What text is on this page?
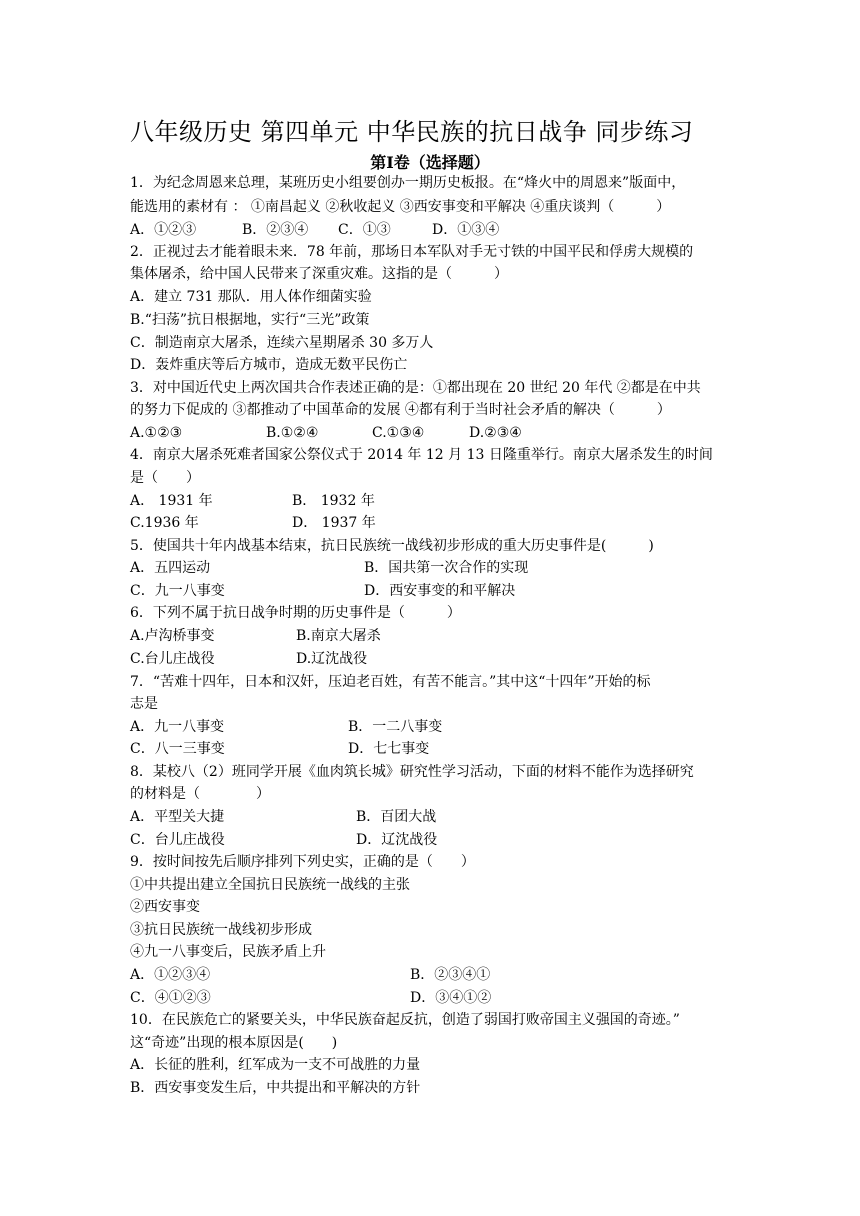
八年级历史 第四单元 中华民族的抗日战争 同步练习
第Ⅰ卷（选择题）
1．为纪念周恩来总理，某班历史小组要创办一期历史板报。在“烽火中的周恩来”版面中，
能选用的素材有 ： ①南昌起义 ②秋收起义 ③西安事变和平解决 ④重庆谈判（　　　）
A．①②③	B．②③④ C．①③	D．①③④
2．正视过去才能着眼未来．78 年前，那场日本军队对手无寸铁的中国平民和俘虏大规模的
集体屠杀，给中国人民带来了深重灾难。这指的是（　　　）
A．建立 731 那队．用人体作细菌实验
B.“扫荡”抗日根据地，实行“三光”政策
C．制造南京大屠杀，连续六星期屠杀 30 多万人
D．轰炸重庆等后方城市，造成无数平民伤亡
3．对中国近代史上两次国共合作表述正确的是：①都出现在 20 世纪 20 年代 ②都是在中共
的努力下促成的 ③都推动了中国革命的发展 ④都有利于当时社会矛盾的解决（　　　）
A.①②③	B.①②④	C.①③④	D.②③④
4．南京大屠杀死难者国家公祭仪式于 2014 年 12 月 13 日隆重举行。南京大屠杀发生的时间
是（　　）
A． 1931 年	B． 1932 年
C.1936 年	D． 1937 年
5．使国共十年内战基本结束，抗日民族统一战线初步形成的重大历史事件是(　　　)
A．五四运动	B．国共第一次合作的实现
C．九一八事变	D．西安事变的和平解决
6．下列不属于抗日战争时期的历史事件是（　　　）
A.卢沟桥事变	B.南京大屠杀
C.台儿庄战役	D.辽沈战役
7．“苦难十四年，日本和汉奸，压迫老百姓，有苦不能言。”其中这“十四年”开始的标
志是
A．九一八事变	B．一二八事变
C．八一三事变	D．七七事变
8．某校八（2）班同学开展《血肉筑长城》研究性学习活动，下面的材料不能作为选择研究
的材料是（　　　　）
A．平型关大捷	B．百团大战
C．台儿庄战役	D．辽沈战役
9．按时间按先后顺序排列下列史实，正确的是（　　）
①中共提出建立全国抗日民族统一战线的主张
②西安事变
③抗日民族统一战线初步形成
④九一八事变后，民族矛盾上升
A．①②③④	B．②③④①
C．④①②③	D．③④①②
10．在民族危亡的紧要关头，中华民族奋起反抗，创造了弱国打败帝国主义强国的奇迹。”
这“奇迹”出现的根本原因是(　　)
A．长征的胜利，红军成为一支不可战胜的力量
B．西安事变发生后，中共提出和平解决的方针
